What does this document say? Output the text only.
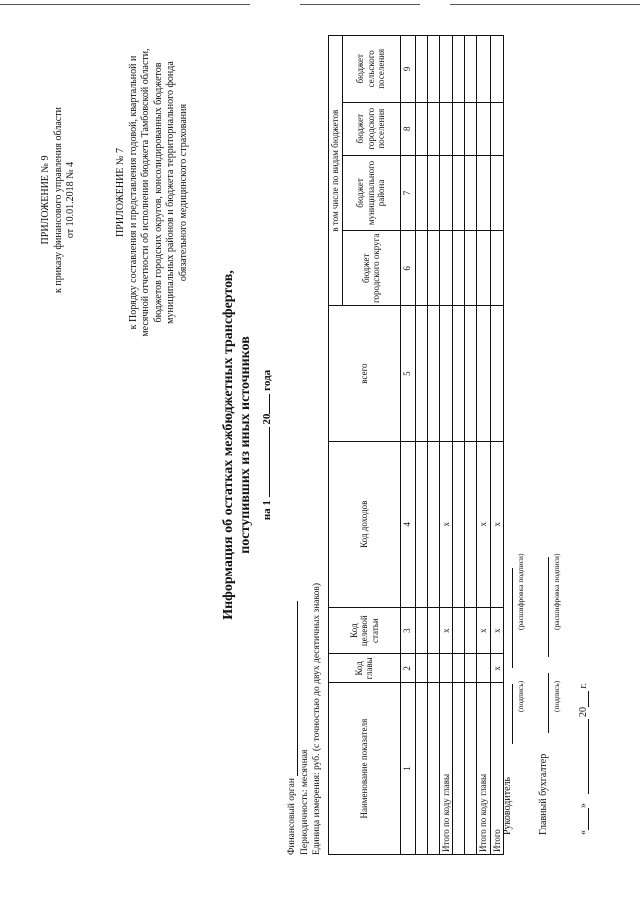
ПРИЛОЖЕНИЕ № 9 к приказу финансового управления области от 10.01.2018 № 4	ПРИЛОЖЕНИЕ № 7 к Порядку составления и представления годовой, квартальной и месячной отчетности об исполнении бюджета Тамбовской области, бюджетов городских округов, консолидированных бюджетов муниципальных районов и бюджета территориального фонда обязательного медицинского страхования
Информация об остатках межбюджетных трансфертов, поступивших из иных источников на 1  20 года
Финансовый орган Периодичность: месячная Единица измерения: руб. (с точностью до двух десятичных знаков)	Наименование показателя	Код главы	Код целевой статьи	Код доходов	всего	в том числе по видам бюджетов			
					бюджет городского округа	бюджет муниципального района	бюджет городского поселения	бюджет сельского поселения
1	2	3	4	5	6	7	8	9

Итого по коду главы		x	x					

Итого по коду главы		x	x					
Итого	x	x	x					
Руководитель
(подпись)
(расшифровка подписи)
Главный бухгалтер
(подпись)
(расшифровка подписи)
«»  20 г.
